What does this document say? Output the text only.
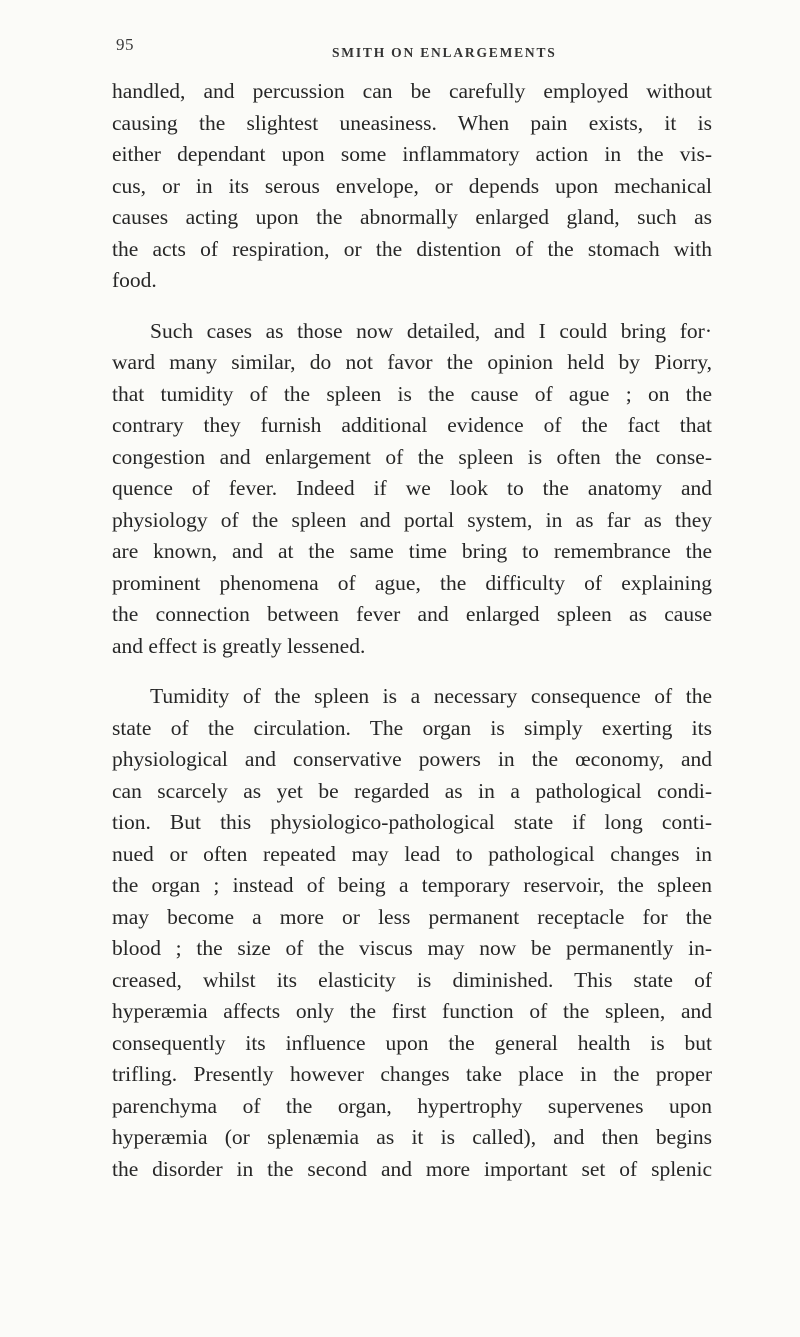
95	SMITH ON ENLARGEMENTS
handled, and percussion can be carefully employed without
causing the slightest uneasiness. When pain exists, it is
either dependant upon some inflammatory action in the vis-
cus, or in its serous envelope, or depends upon mechanical
causes acting upon the abnormally enlarged gland, such as
the acts of respiration, or the distention of the stomach with
food.
Such cases as those now detailed, and I could bring for·
ward many similar, do not favor the opinion held by Piorry,
that tumidity of the spleen is the cause of ague ; on the
contrary they furnish additional evidence of the fact that
congestion and enlargement of the spleen is often the conse-
quence of fever. Indeed if we look to the anatomy and
physiology of the spleen and portal system, in as far as they
are known, and at the same time bring to remembrance the
prominent phenomena of ague, the difficulty of explaining
the connection between fever and enlarged spleen as cause
and effect is greatly lessened.
Tumidity of the spleen is a necessary consequence of the
state of the circulation. The organ is simply exerting its
physiological and conservative powers in the œconomy, and
can scarcely as yet be regarded as in a pathological condi-
tion. But this physiologico-pathological state if long conti-
nued or often repeated may lead to pathological changes in
the organ ; instead of being a temporary reservoir, the spleen
may become a more or less permanent receptacle for the
blood ; the size of the viscus may now be permanently in-
creased, whilst its elasticity is diminished. This state of
hyperæmia affects only the first function of the spleen, and
consequently its influence upon the general health is but
trifling. Presently however changes take place in the proper
parenchyma of the organ, hypertrophy supervenes upon
hyperæmia (or splenæmia as it is called), and then begins
the disorder in the second and more important set of splenic
